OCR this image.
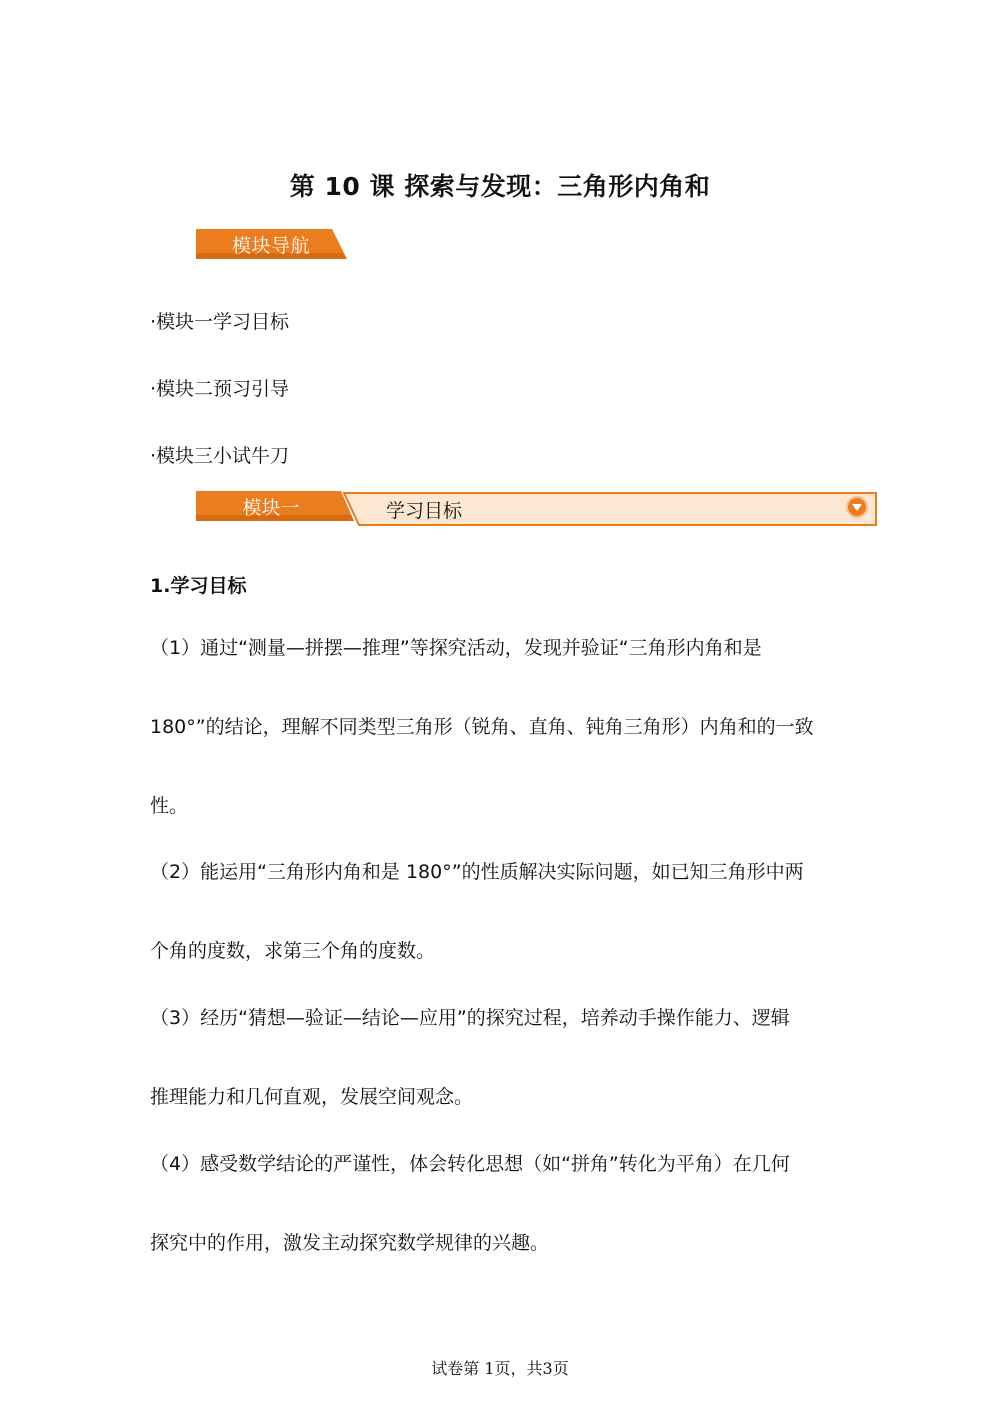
第 10 课 探索与发现：三角形内角和
模块导航
·模块一学习目标
·模块二预习引导
·模块三小试牛刀
模块一	学习目标
1.学习目标
（1）通过“测量—拼摆—推理”等探究活动，发现并验证“三角形内角和是
180°”的结论，理解不同类型三角形（锐角、直角、钝角三角形）内角和的一致
性。
（2）能运用“三角形内角和是 180°”的性质解决实际问题，如已知三角形中两
个角的度数，求第三个角的度数。
（3）经历“猜想—验证—结论—应用”的探究过程，培养动手操作能力、逻辑
推理能力和几何直观，发展空间观念。
（4）感受数学结论的严谨性，体会转化思想（如“拼角”转化为平角）在几何
探究中的作用，激发主动探究数学规律的兴趣。
试卷第 1页，共3页
